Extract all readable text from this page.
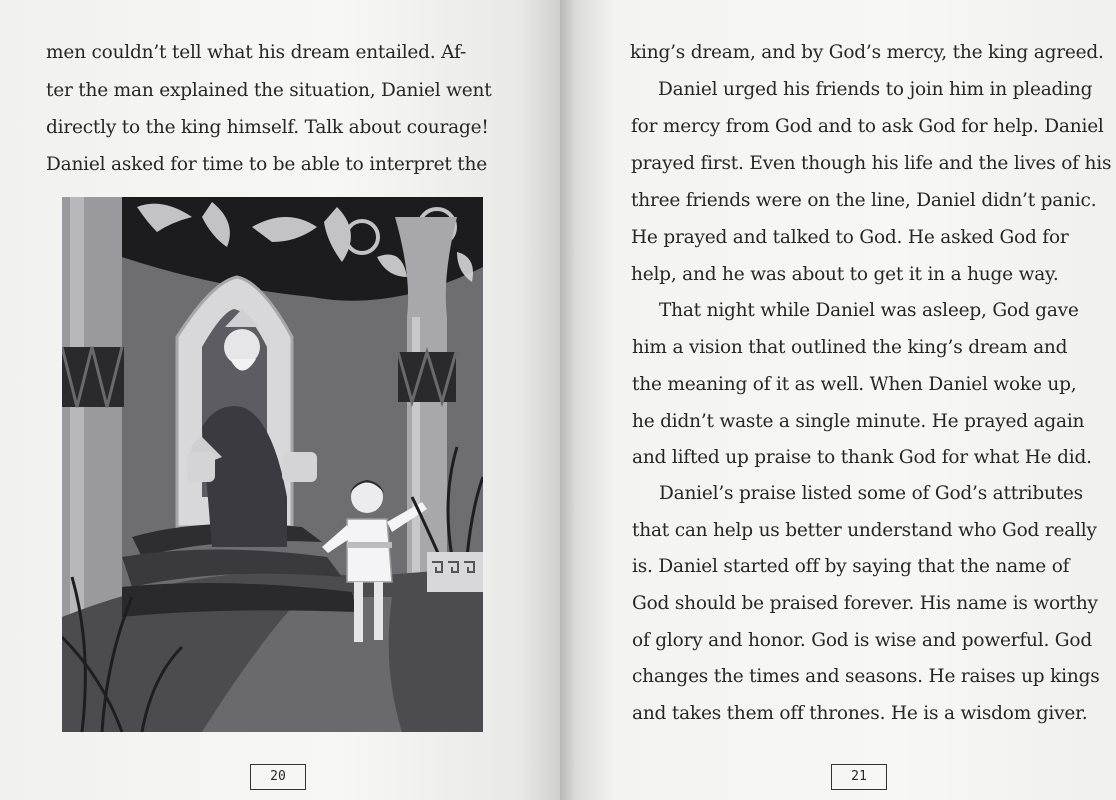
men couldn’t tell what his dream entailed. Af-

ter the man explained the situation, Daniel went

directly to the king himself. Talk about courage!

Daniel asked for time to be able to interpret the

20

king’s dream, and by God’s mercy, the king agreed.

Daniel urged his friends to join him in pleading

for mercy from God and to ask God for help. Daniel

prayed first. Even though his life and the lives of his

three friends were on the line, Daniel didn’t panic.

He prayed and talked to God. He asked God for

help, and he was about to get it in a huge way.

That night while Daniel was asleep, God gave

him a vision that outlined the king’s dream and

the meaning of it as well. When Daniel woke up,

he didn’t waste a single minute. He prayed again

and lifted up praise to thank God for what He did.

Daniel’s praise listed some of God’s attributes

that can help us better understand who God really

is. Daniel started off by saying that the name of

God should be praised forever. His name is worthy

of glory and honor. God is wise and powerful. God

changes the times and seasons. He raises up kings

and takes them off thrones. He is a wisdom giver.

21
